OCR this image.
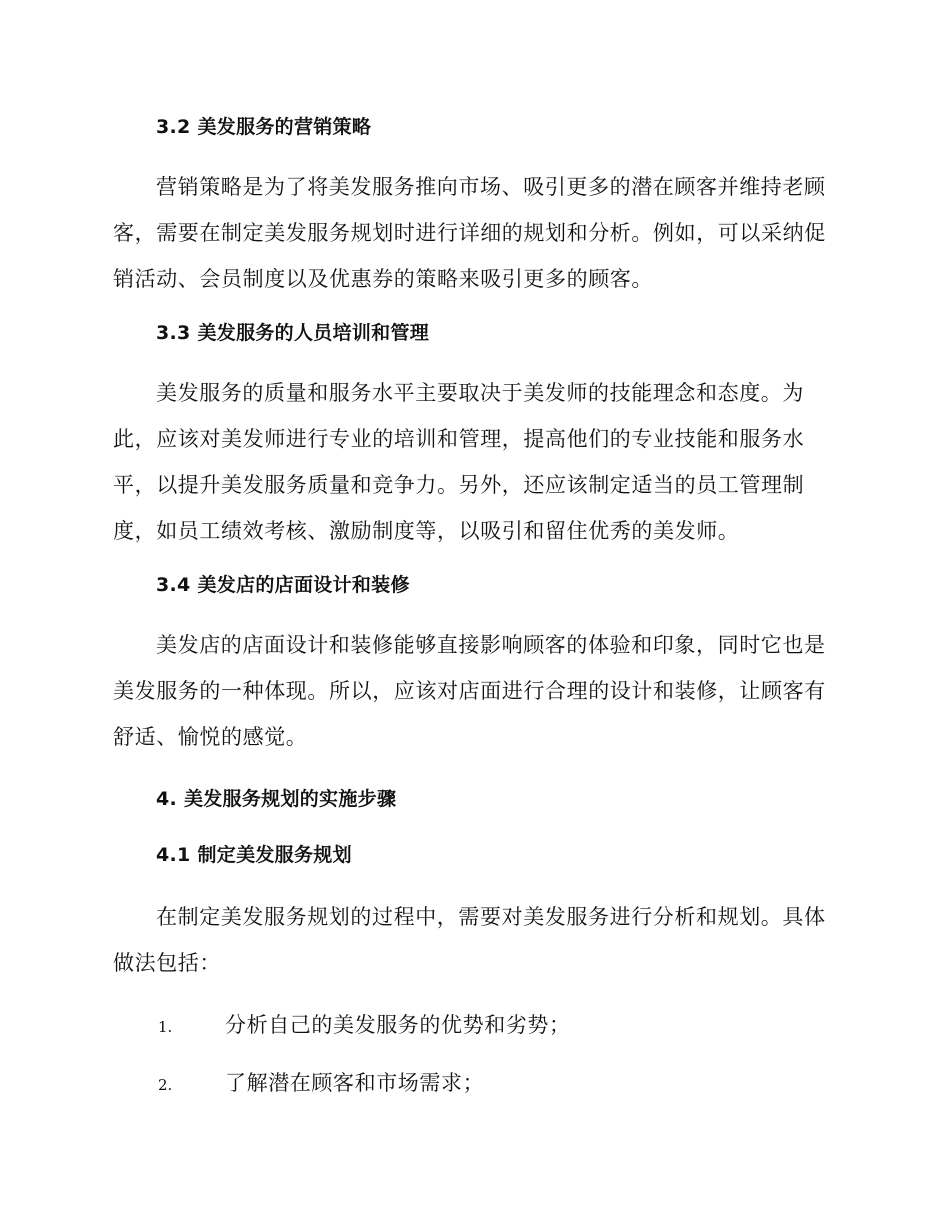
3.2 美发服务的营销策略

营销策略是为了将美发服务推向市场、吸引更多的潜在顾客并维持老顾客，需要在制定美发服务规划时进行详细的规划和分析。例如，可以采纳促销活动、会员制度以及优惠券的策略来吸引更多的顾客。

3.3 美发服务的人员培训和管理

美发服务的质量和服务水平主要取决于美发师的技能理念和态度。为此，应该对美发师进行专业的培训和管理，提高他们的专业技能和服务水平，以提升美发服务质量和竞争力。另外，还应该制定适当的员工管理制度，如员工绩效考核、激励制度等，以吸引和留住优秀的美发师。

3.4 美发店的店面设计和装修

美发店的店面设计和装修能够直接影响顾客的体验和印象，同时它也是美发服务的一种体现。所以，应该对店面进行合理的设计和装修，让顾客有舒适、愉悦的感觉。

4. 美发服务规划的实施步骤
4.1 制定美发服务规划

在制定美发服务规划的过程中，需要对美发服务进行分析和规划。具体做法包括：

1.	分析自己的美发服务的优势和劣势；
2.	了解潜在顾客和市场需求；
